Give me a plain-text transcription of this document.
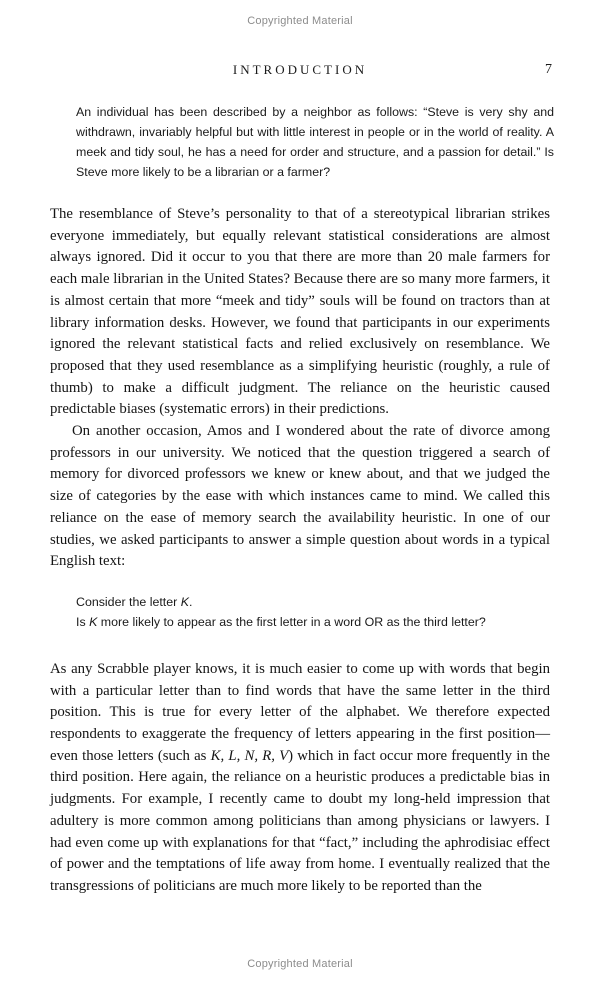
Copyrighted Material
INTRODUCTION	7
An individual has been described by a neighbor as follows: “Steve is very shy and withdrawn, invariably helpful but with little interest in people or in the world of reality. A meek and tidy soul, he has a need for order and structure, and a passion for detail.” Is Steve more likely to be a librarian or a farmer?

The resemblance of Steve’s personality to that of a stereotypical librarian strikes everyone immediately, but equally relevant statistical considerations are almost always ignored. Did it occur to you that there are more than 20 male farmers for each male librarian in the United States? Because there are so many more farmers, it is almost certain that more “meek and tidy” souls will be found on tractors than at library information desks. However, we found that participants in our experiments ignored the relevant statistical facts and relied exclusively on resemblance. We proposed that they used resemblance as a simplifying heuristic (roughly, a rule of thumb) to make a difficult judgment. The reliance on the heuristic caused predictable biases (systematic errors) in their predictions.

On another occasion, Amos and I wondered about the rate of divorce among professors in our university. We noticed that the question triggered a search of memory for divorced professors we knew or knew about, and that we judged the size of categories by the ease with which instances came to mind. We called this reliance on the ease of memory search the availability heuristic. In one of our studies, we asked participants to answer a simple question about words in a typical English text:

Consider the letter K.

Is K more likely to appear as the first letter in a word OR as the third letter?

As any Scrabble player knows, it is much easier to come up with words that begin with a particular letter than to find words that have the same letter in the third position. This is true for every letter of the alphabet. We therefore expected respondents to exaggerate the frequency of letters appearing in the first position—even those letters (such as K, L, N, R, V) which in fact occur more frequently in the third position. Here again, the reliance on a heuristic produces a predictable bias in judgments. For example, I recently came to doubt my long-held impression that adultery is more common among politicians than among physicians or lawyers. I had even come up with explanations for that “fact,” including the aphrodisiac effect of power and the temptations of life away from home. I eventually realized that the transgressions of politicians are much more likely to be reported than the

Copyrighted Material
